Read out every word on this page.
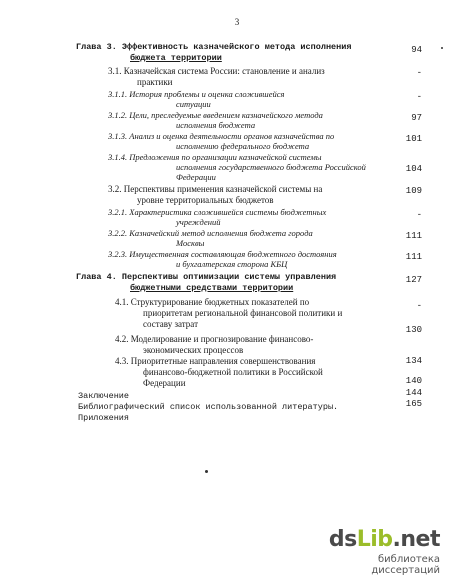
3
Глава 3. Эффективность казначейского метода исполнения
бюджета территории
94
3.1. Казначейская система России: становление и анализ
практики
-
3.1.1. История проблемы и оценка сложившейся
ситуации
-
3.1.2. Цели, преследуемые введением казначейского метода
исполнения бюджета
97
3.1.3. Анализ и оценка деятельности органов казначейства по
исполнению федерального бюджета
101
3.1.4. Предложения по организации казначейской системы
исполнения государственного бюджета Российской
Федерации
104
3.2. Перспективы применения казначейской системы на
уровне территориальных бюджетов
109
3.2.1. Характеристика сложившейся системы бюджетных
учреждений
-
3.2.2. Казначейский метод исполнения бюджета города
Москвы
111
3.2.3. Имущественная составляющая бюджетного достояния
и бухгалтерская сторона КБЦ
111
Глава 4. Перспективы оптимизации системы управления
бюджетными средствами территории
127
4.1. Структурирование бюджетных показателей по
приоритетам региональной финансовой политики и
составу затрат
-
4.2. Моделирование и прогнозирование финансово-
экономических процессов
130
4.3. Приоритетные направления совершенствования
финансово-бюджетной политики в Российской
Федерации
134
Заключение
140
Библиографический список использованной литературы.
144
Приложения
165
dsLib.net
библиотека диссертаций
